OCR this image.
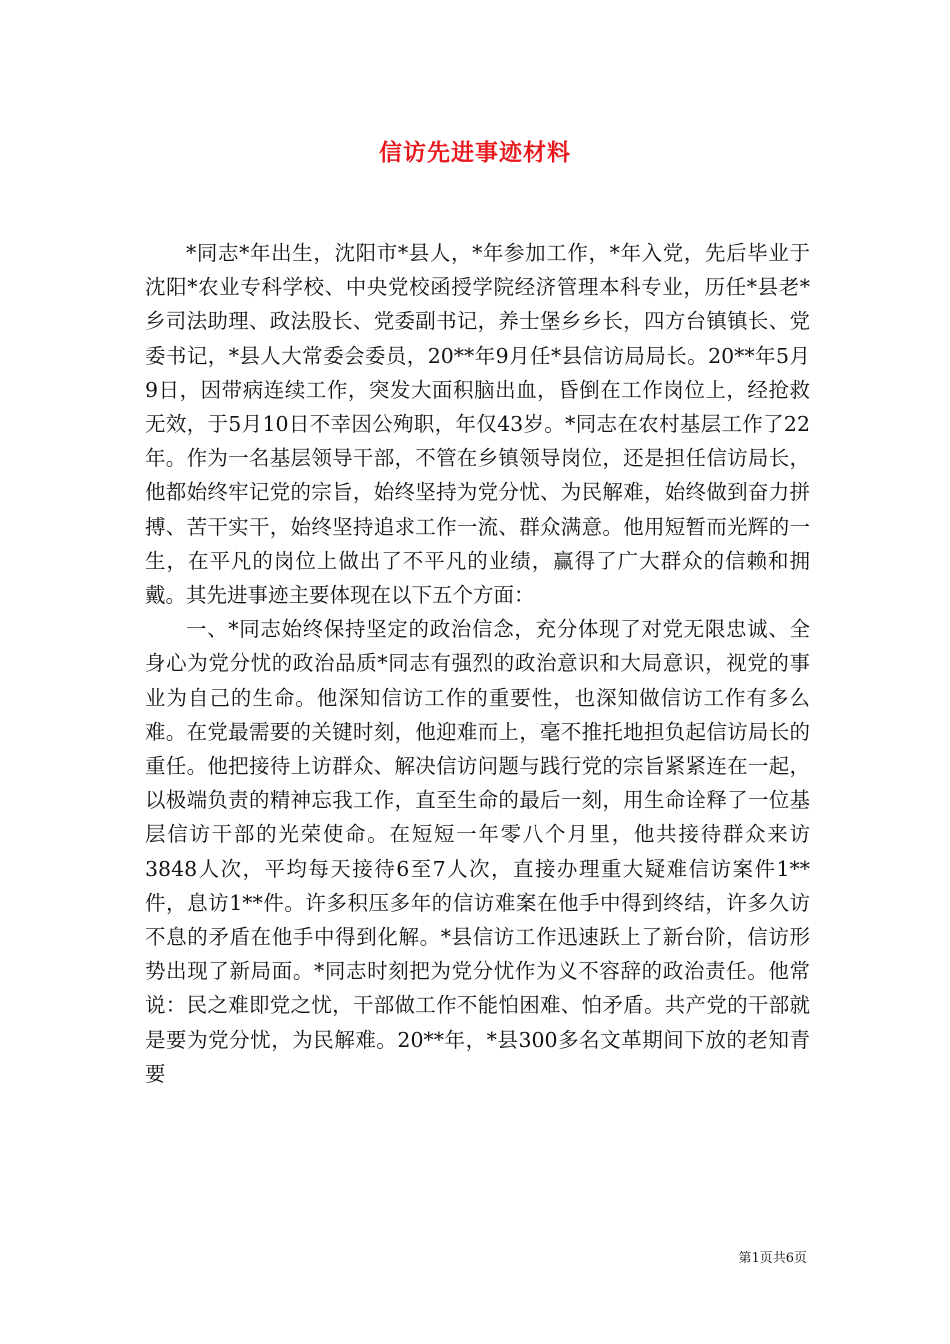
信访先进事迹材料

*同志*年出生，沈阳市*县人，*年参加工作，*年入党，先后毕业于沈阳*农业专科学校、中央党校函授学院经济管理本科专业，历任*县老*乡司法助理、政法股长、党委副书记，养士堡乡乡长，四方台镇镇长、党委书记，*县人大常委会委员，20**年9月任*县信访局局长。20**年5月9日，因带病连续工作，突发大面积脑出血，昏倒在工作岗位上，经抢救无效，于5月10日不幸因公殉职，年仅43岁。*同志在农村基层工作了22年。作为一名基层领导干部，不管在乡镇领导岗位，还是担任信访局长，他都始终牢记党的宗旨，始终坚持为党分忧、为民解难，始终做到奋力拼搏、苦干实干，始终坚持追求工作一流、群众满意。他用短暂而光辉的一生，在平凡的岗位上做出了不平凡的业绩，赢得了广大群众的信赖和拥戴。其先进事迹主要体现在以下五个方面：

一、*同志始终保持坚定的政治信念，充分体现了对党无限忠诚、全身心为党分忧的政治品质*同志有强烈的政治意识和大局意识，视党的事业为自己的生命。他深知信访工作的重要性，也深知做信访工作有多么难。在党最需要的关键时刻，他迎难而上，毫不推托地担负起信访局长的重任。他把接待上访群众、解决信访问题与践行党的宗旨紧紧连在一起，以极端负责的精神忘我工作，直至生命的最后一刻，用生命诠释了一位基层信访干部的光荣使命。在短短一年零八个月里，他共接待群众来访3848人次，平均每天接待6至7人次，直接办理重大疑难信访案件1**件，息访1**件。许多积压多年的信访难案在他手中得到终结，许多久访不息的矛盾在他手中得到化解。*县信访工作迅速跃上了新台阶，信访形势出现了新局面。*同志时刻把为党分忧作为义不容辞的政治责任。他常说：民之难即党之忧，干部做工作不能怕困难、怕矛盾。共产党的干部就是要为党分忧，为民解难。20**年，*县300多名文革期间下放的老知青要

第1页共6页
